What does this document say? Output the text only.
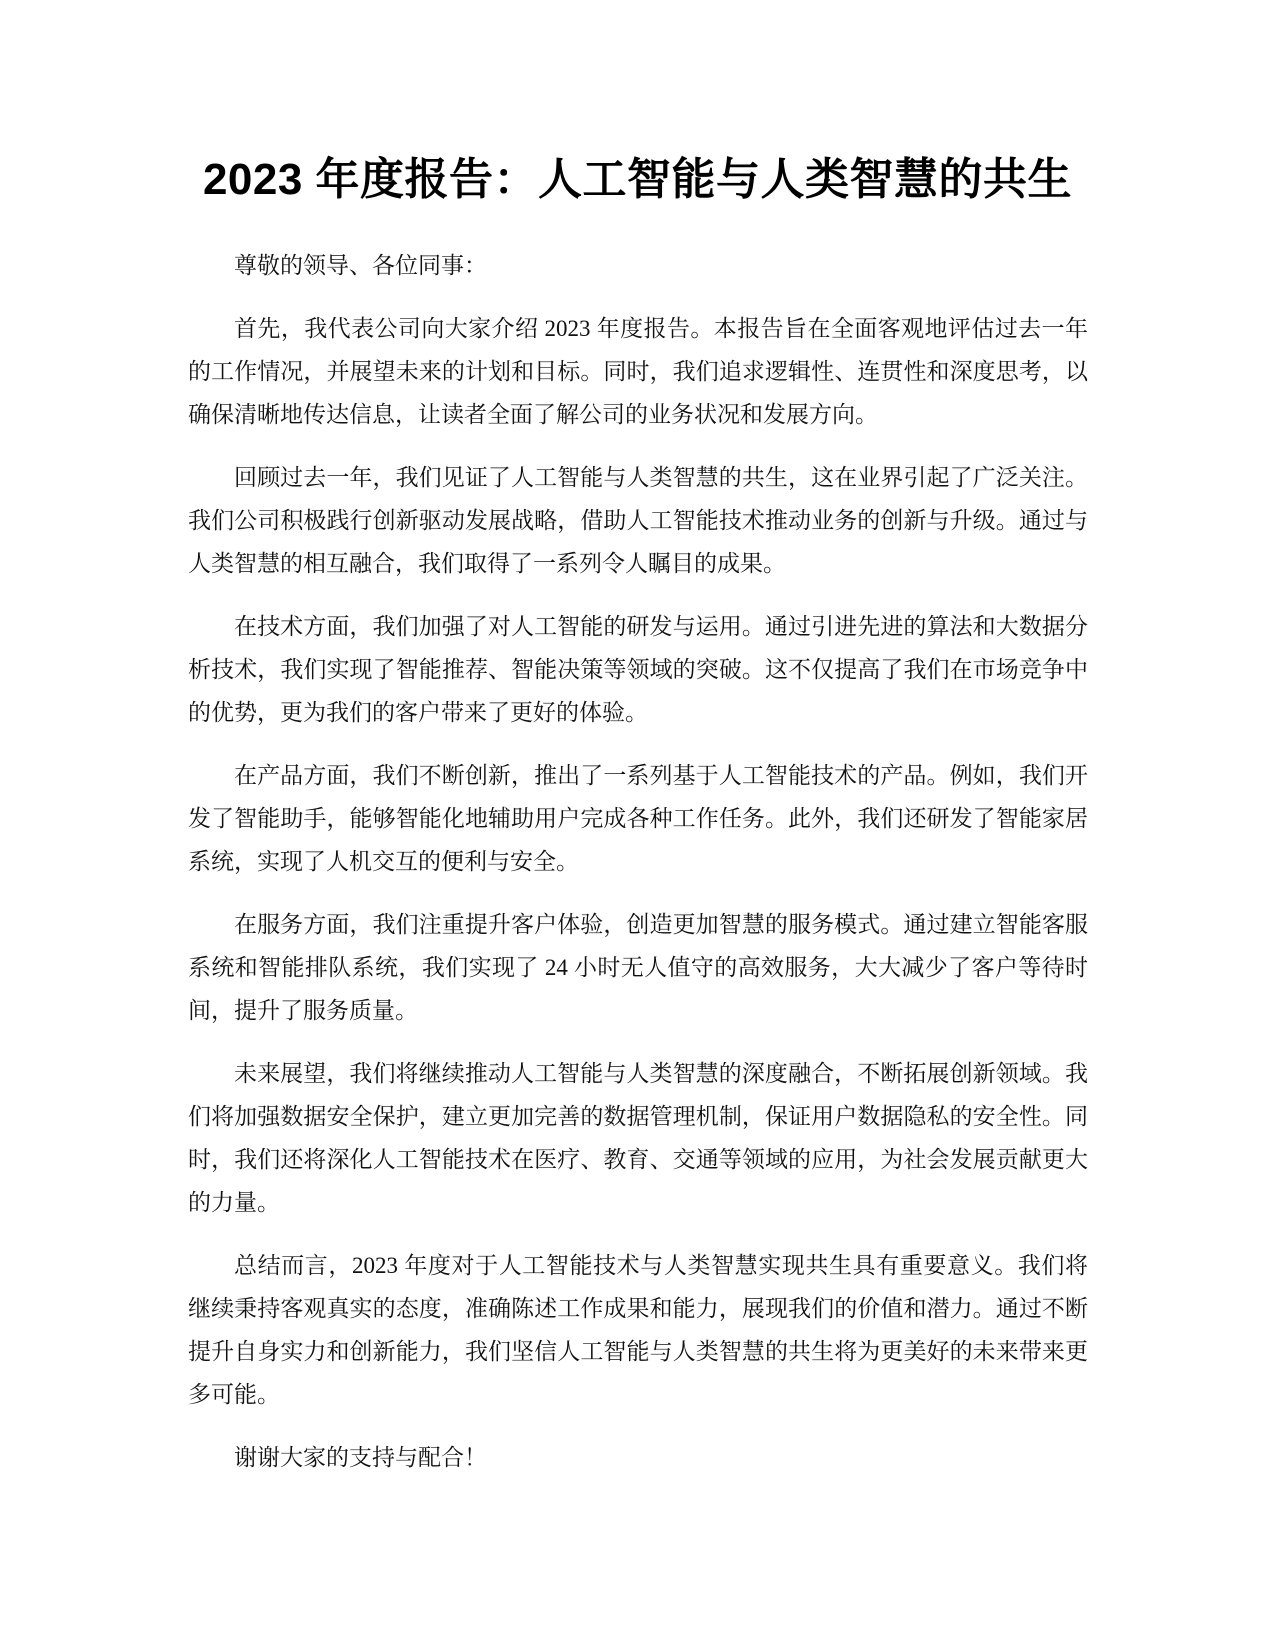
2023 年度报告：人工智能与人类智慧的共生

尊敬的领导、各位同事：

首先，我代表公司向大家介绍 2023 年度报告。本报告旨在全面客观地评估过去一年的工作情况，并展望未来的计划和目标。同时，我们追求逻辑性、连贯性和深度思考，以确保清晰地传达信息，让读者全面了解公司的业务状况和发展方向。

回顾过去一年，我们见证了人工智能与人类智慧的共生，这在业界引起了广泛关注。我们公司积极践行创新驱动发展战略，借助人工智能技术推动业务的创新与升级。通过与人类智慧的相互融合，我们取得了一系列令人瞩目的成果。

在技术方面，我们加强了对人工智能的研发与运用。通过引进先进的算法和大数据分析技术，我们实现了智能推荐、智能决策等领域的突破。这不仅提高了我们在市场竞争中的优势，更为我们的客户带来了更好的体验。

在产品方面，我们不断创新，推出了一系列基于人工智能技术的产品。例如，我们开发了智能助手，能够智能化地辅助用户完成各种工作任务。此外，我们还研发了智能家居系统，实现了人机交互的便利与安全。

在服务方面，我们注重提升客户体验，创造更加智慧的服务模式。通过建立智能客服系统和智能排队系统，我们实现了 24 小时无人值守的高效服务，大大减少了客户等待时间，提升了服务质量。

未来展望，我们将继续推动人工智能与人类智慧的深度融合，不断拓展创新领域。我们将加强数据安全保护，建立更加完善的数据管理机制，保证用户数据隐私的安全性。同时，我们还将深化人工智能技术在医疗、教育、交通等领域的应用，为社会发展贡献更大的力量。

总结而言，2023 年度对于人工智能技术与人类智慧实现共生具有重要意义。我们将继续秉持客观真实的态度，准确陈述工作成果和能力，展现我们的价值和潜力。通过不断提升自身实力和创新能力，我们坚信人工智能与人类智慧的共生将为更美好的未来带来更多可能。

谢谢大家的支持与配合！
